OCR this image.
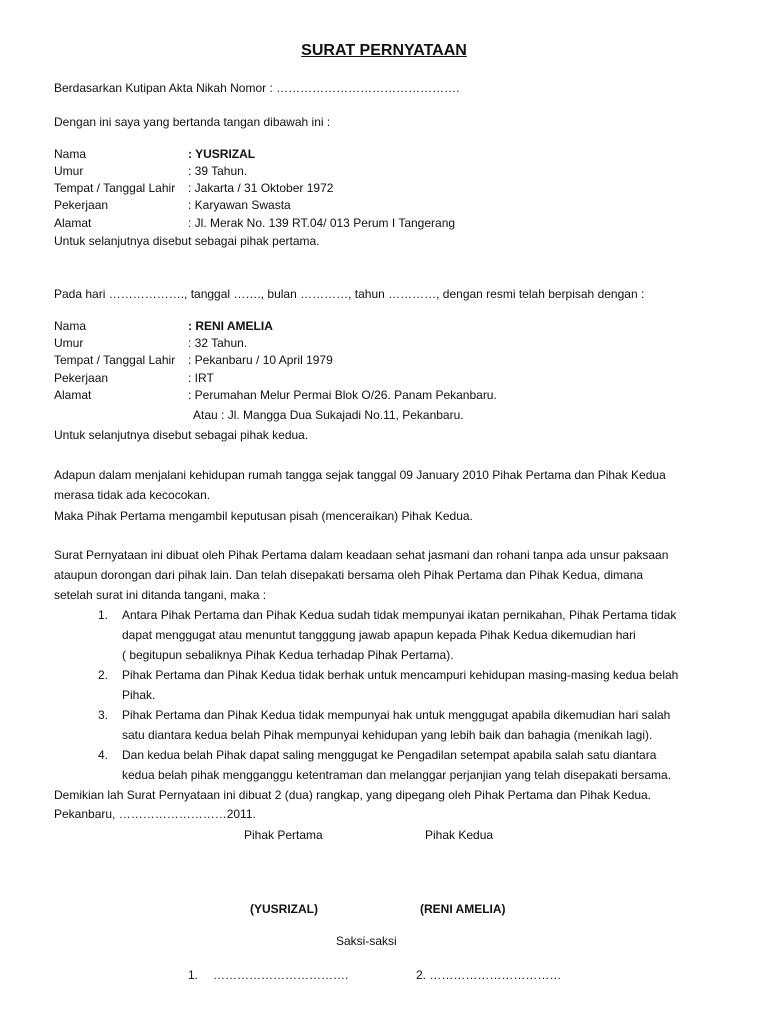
SURAT PERNYATAAN
Berdasarkan Kutipan Akta Nikah Nomor : ……………………………………….
Dengan ini saya yang bertanda tangan dibawah ini :
Nama	: YUSRIZAL
Umur	: 39 Tahun.
Tempat / Tanggal Lahir : Jakarta / 31 Oktober 1972
Pekerjaan	: Karyawan Swasta
Alamat	: Jl. Merak No. 139 RT.04/ 013 Perum I Tangerang
Untuk selanjutnya disebut sebagai pihak pertama.
Pada hari ………………., tanggal ……., bulan …………, tahun …………, dengan resmi telah berpisah dengan :
Nama	: RENI AMELIA
Umur	: 32 Tahun.
Tempat / Tanggal Lahir : Pekanbaru / 10 April 1979
Pekerjaan	: IRT
Alamat	: Perumahan Melur Permai Blok O/26. Panam Pekanbaru.
Atau : Jl. Mangga Dua Sukajadi No.11, Pekanbaru.
Untuk selanjutnya disebut sebagai pihak kedua.
Adapun dalam menjalani kehidupan rumah tangga sejak tanggal 09 January 2010 Pihak Pertama dan Pihak Kedua
merasa tidak ada kecocokan.
Maka Pihak Pertama mengambil keputusan pisah (menceraikan) Pihak Kedua.
Surat Pernyataan ini dibuat oleh Pihak Pertama dalam keadaan sehat jasmani dan rohani tanpa ada unsur paksaan
ataupun dorongan dari pihak lain. Dan telah disepakati bersama oleh Pihak Pertama dan Pihak Kedua, dimana
setelah surat ini ditanda tangani, maka :
1. Antara Pihak Pertama dan Pihak Kedua sudah tidak mempunyai ikatan pernikahan, Pihak Pertama tidak
dapat menggugat atau menuntut tangggung jawab apapun kepada Pihak Kedua dikemudian hari
( begitupun sebaliknya Pihak Kedua terhadap Pihak Pertama).
2. Pihak Pertama dan Pihak Kedua tidak berhak untuk mencampuri kehidupan masing-masing kedua belah
Pihak.
3. Pihak Pertama dan Pihak Kedua tidak mempunyai hak untuk menggugat apabila dikemudian hari salah
satu diantara kedua belah Pihak mempunyai kehidupan yang lebih baik dan bahagia (menikah lagi).
4. Dan kedua belah Pihak dapat saling menggugat ke Pengadilan setempat apabila salah satu diantara
kedua belah pihak mengganggu ketentraman dan melanggar perjanjian yang telah disepakati bersama.
Demikian lah Surat Pernyataan ini dibuat 2 (dua) rangkap, yang dipegang oleh Pihak Pertama dan Pihak Kedua.
Pekanbaru, ………………………2011.
Pihak Pertama	Pihak Kedua
(YUSRIZAL)	(RENI AMELIA)
Saksi-saksi
1. …………………………….	2. ……………………………
